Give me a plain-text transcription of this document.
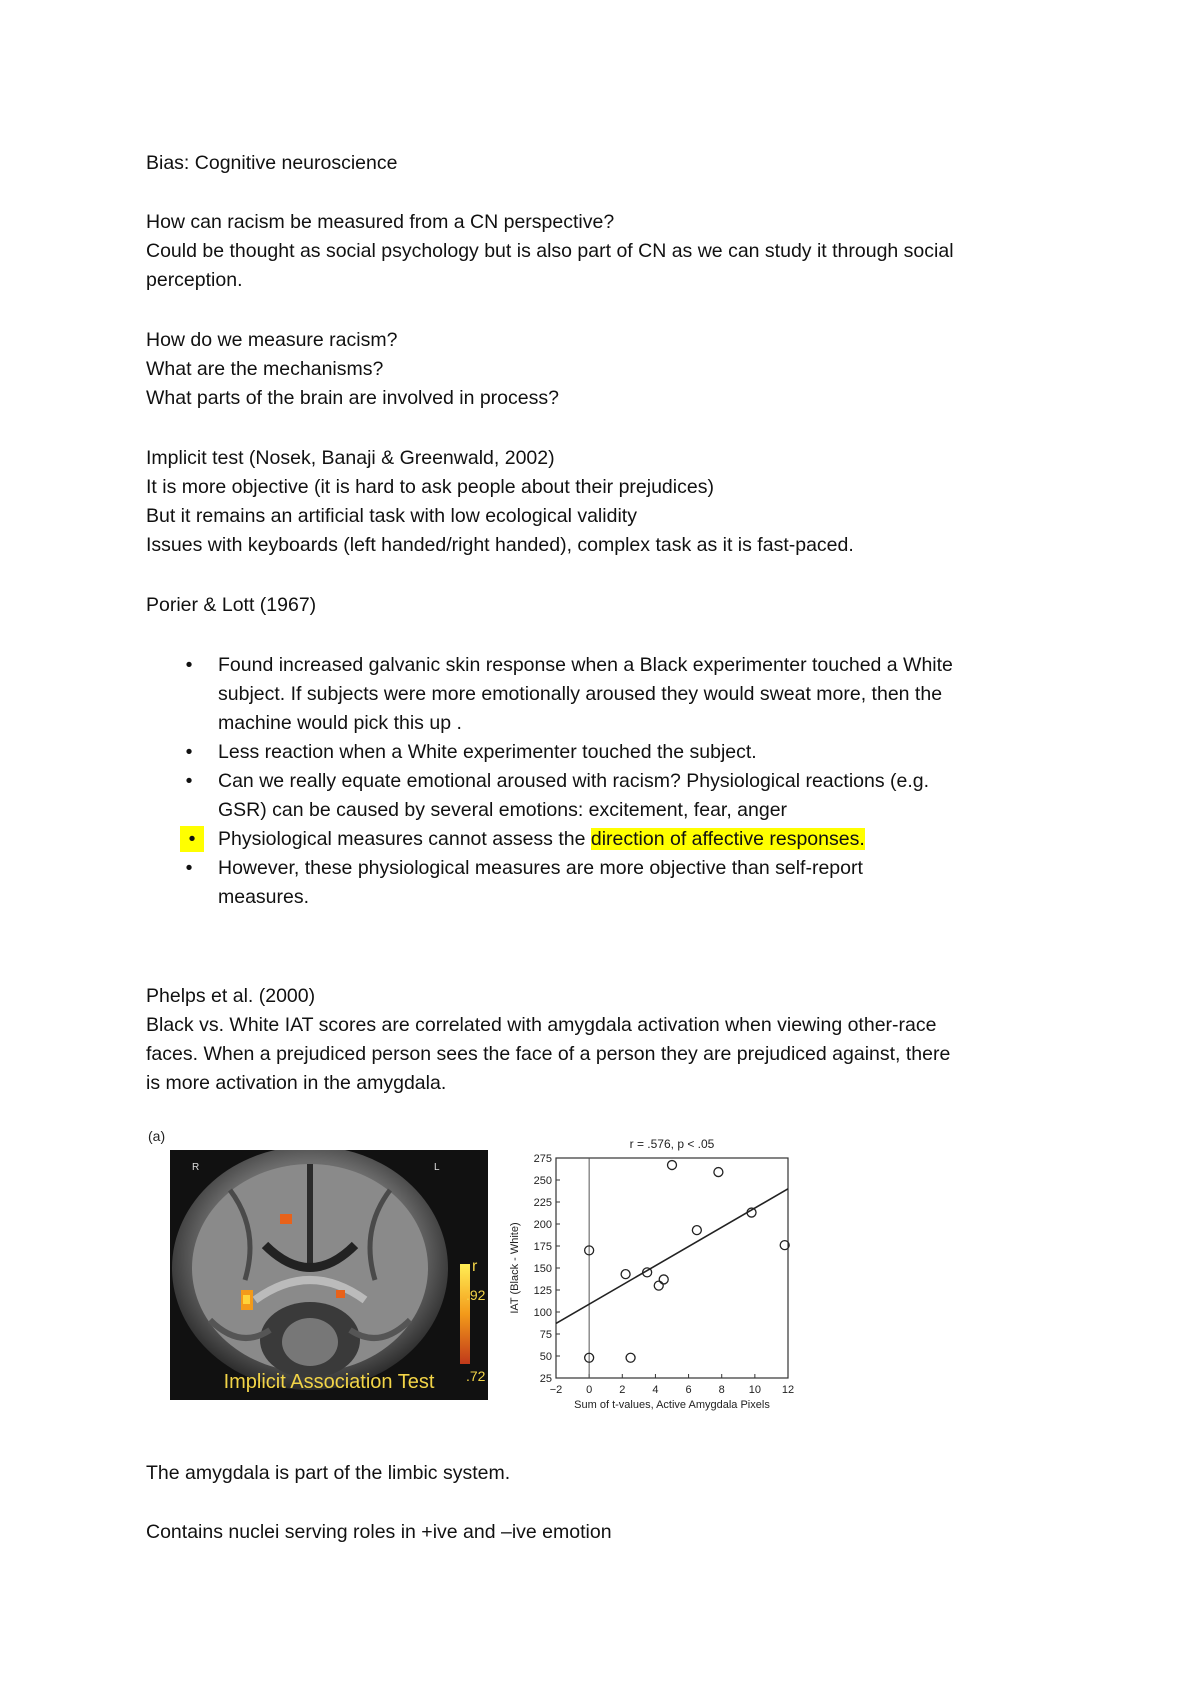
Bias: Cognitive neuroscience
How can racism be measured from a CN perspective?
Could be thought as social psychology but is also part of CN as we can study it through social
perception.
How do we measure racism?
What are the mechanisms?
What parts of the brain are involved in process?
Implicit test (Nosek, Banaji & Greenwald, 2002)
It is more objective (it is hard to ask people about their prejudices)
But it remains an artificial task with low ecological validity
Issues with keyboards (left handed/right handed), complex task as it is fast-paced.
Porier & Lott (1967)
• Found increased galvanic skin response when a Black experimenter touched a White
subject. If subjects were more emotionally aroused they would sweat more, then the
machine would pick this up .
• Less reaction when a White experimenter touched the subject.
• Can we really equate emotional aroused with racism? Physiological reactions (e.g.
GSR) can be caused by several emotions: excitement, fear, anger
•	Physiological measures cannot assess the direction of affective responses.
• However, these physiological measures are more objective than self-report
measures.
Phelps et al. (2000)
Black vs. White IAT scores are correlated with amygdala activation when viewing other-race
faces. When a prejudiced person sees the face of a person they are prejudiced against, there
is more activation in the amygdala.
(a)
R	L
r
.92
.72
Implicit Association Test	25
50
75
100
125
150
175
200
225
250
275
−2 0 2 4 6 8 10 12
r = .576, p < .05
Sum of t-values, Active Amygdala Pixels
IAT (Black - White)
The amygdala is part of the limbic system.
Contains nuclei serving roles in +ive and –ive emotion
